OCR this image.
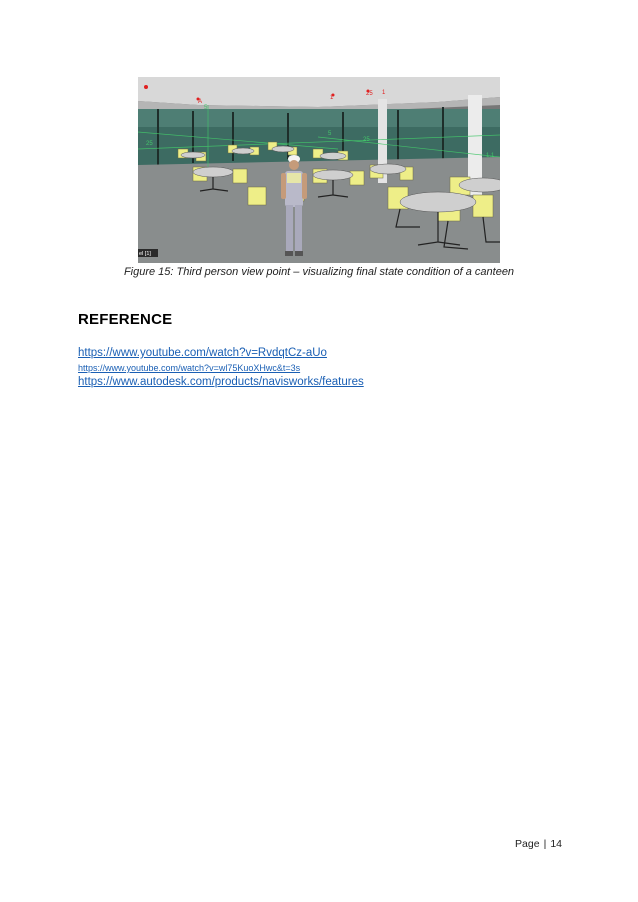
25 1
5
25
5
25
1.1
A
1
el [1]
Figure 15: Third person view point – visualizing final state condition of a canteen
REFERENCE
https://www.youtube.com/watch?v=RvdqtCz-aUo
https://www.youtube.com/watch?v=wl75KuoXHwc&t=3s
https://www.autodesk.com/products/navisworks/features
Page | 14
